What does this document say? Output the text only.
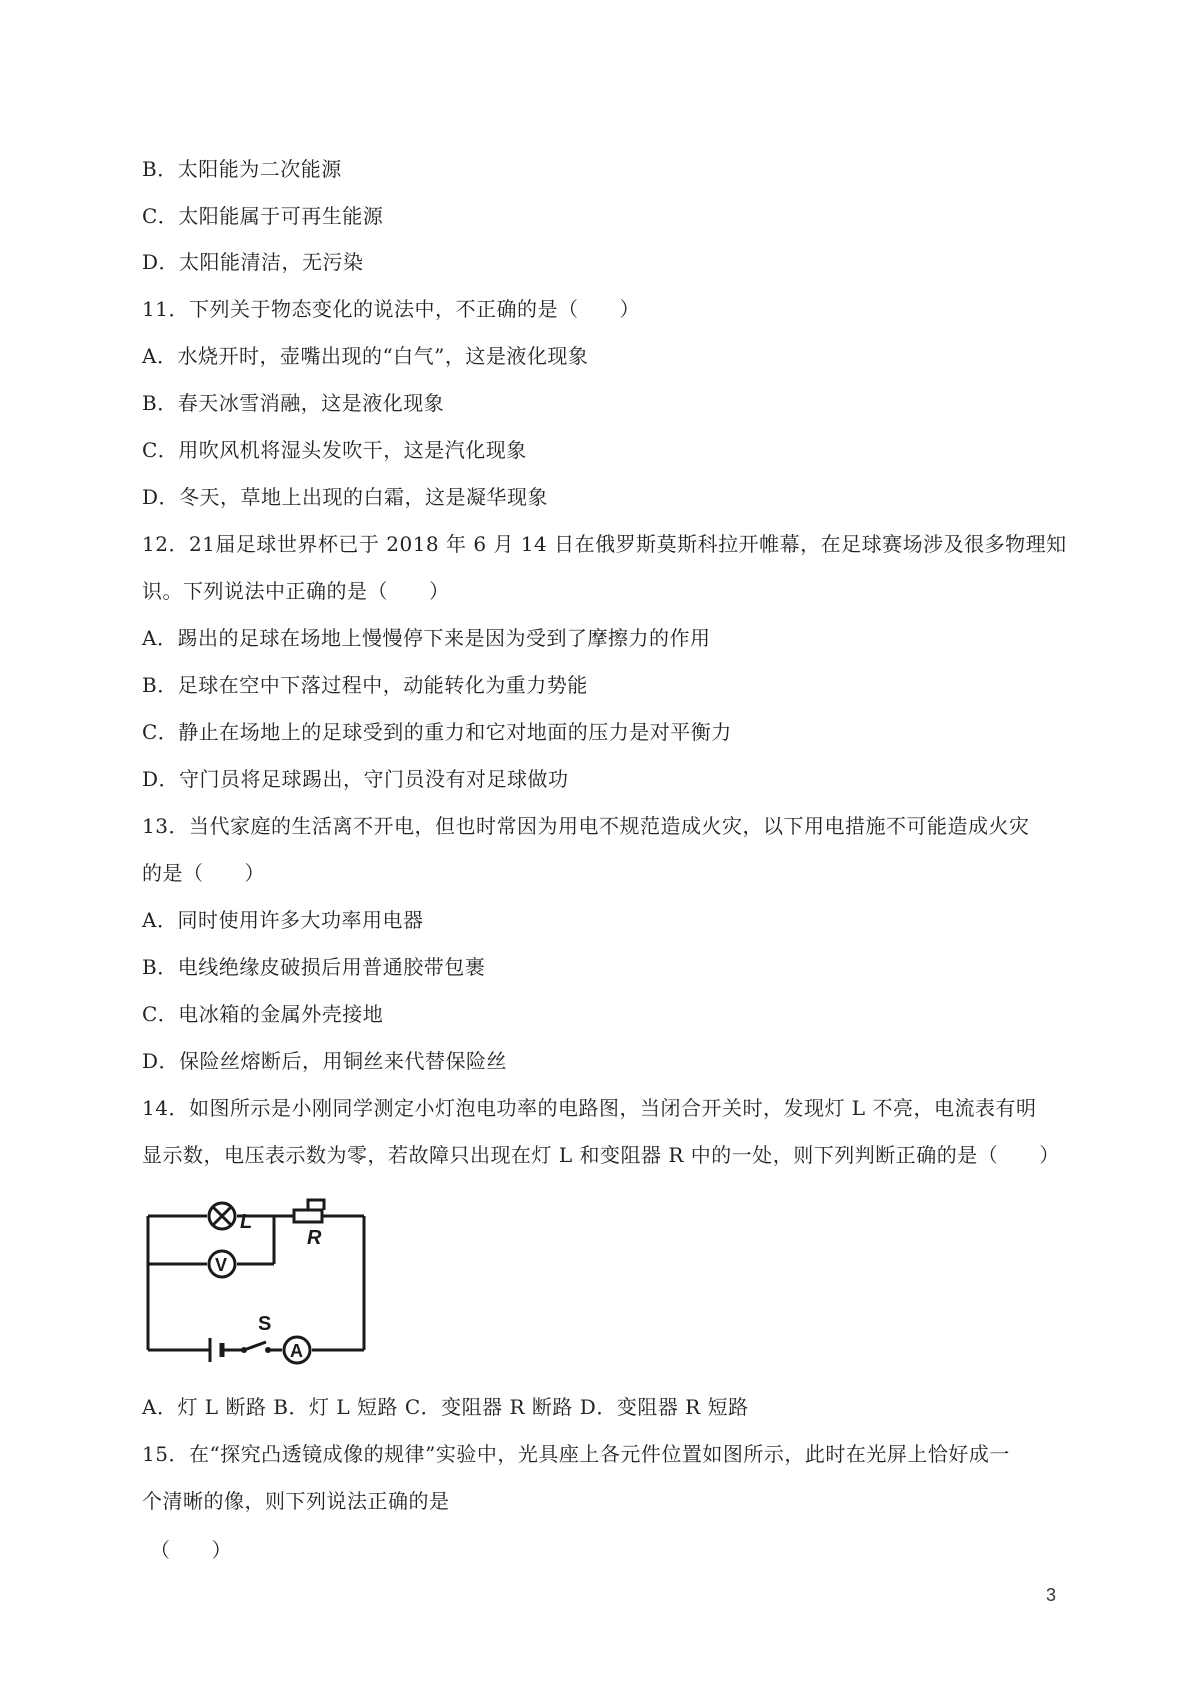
B．太阳能为二次能源
C．太阳能属于可再生能源
D．太阳能清洁，无污染
11．下列关于物态变化的说法中，不正确的是（　　）
A．水烧开时，壶嘴出现的“白气”，这是液化现象
B．春天冰雪消融，这是液化现象
C．用吹风机将湿头发吹干，这是汽化现象
D．冬天，草地上出现的白霜，这是凝华现象
12．21届足球世界杯已于 2018 年 6 月 14 日在俄罗斯莫斯科拉开帷幕，在足球赛场涉及很多物理知
识。下列说法中正确的是（　　）
A．踢出的足球在场地上慢慢停下来是因为受到了摩擦力的作用
B．足球在空中下落过程中，动能转化为重力势能
C．静止在场地上的足球受到的重力和它对地面的压力是对平衡力
D．守门员将足球踢出，守门员没有对足球做功
13．当代家庭的生活离不开电，但也时常因为用电不规范造成火灾，以下用电措施不可能造成火灾
的是（　　）
A．同时使用许多大功率用电器
B．电线绝缘皮破损后用普通胶带包裹
C．电冰箱的金属外壳接地
D．保险丝熔断后，用铜丝来代替保险丝
14．如图所示是小刚同学测定小灯泡电功率的电路图，当闭合开关时，发现灯 L 不亮，电流表有明
显示数，电压表示数为零，若故障只出现在灯 L 和变阻器 R 中的一处，则下列判断正确的是（　　）
L
R
S
V
A
A．灯 L 断路 B．灯 L 短路 C．变阻器 R 断路 D．变阻器 R 短路
15．在“探究凸透镜成像的规律”实验中，光具座上各元件位置如图所示，此时在光屏上恰好成一
个清晰的像，则下列说法正确的是
（　　）
3
